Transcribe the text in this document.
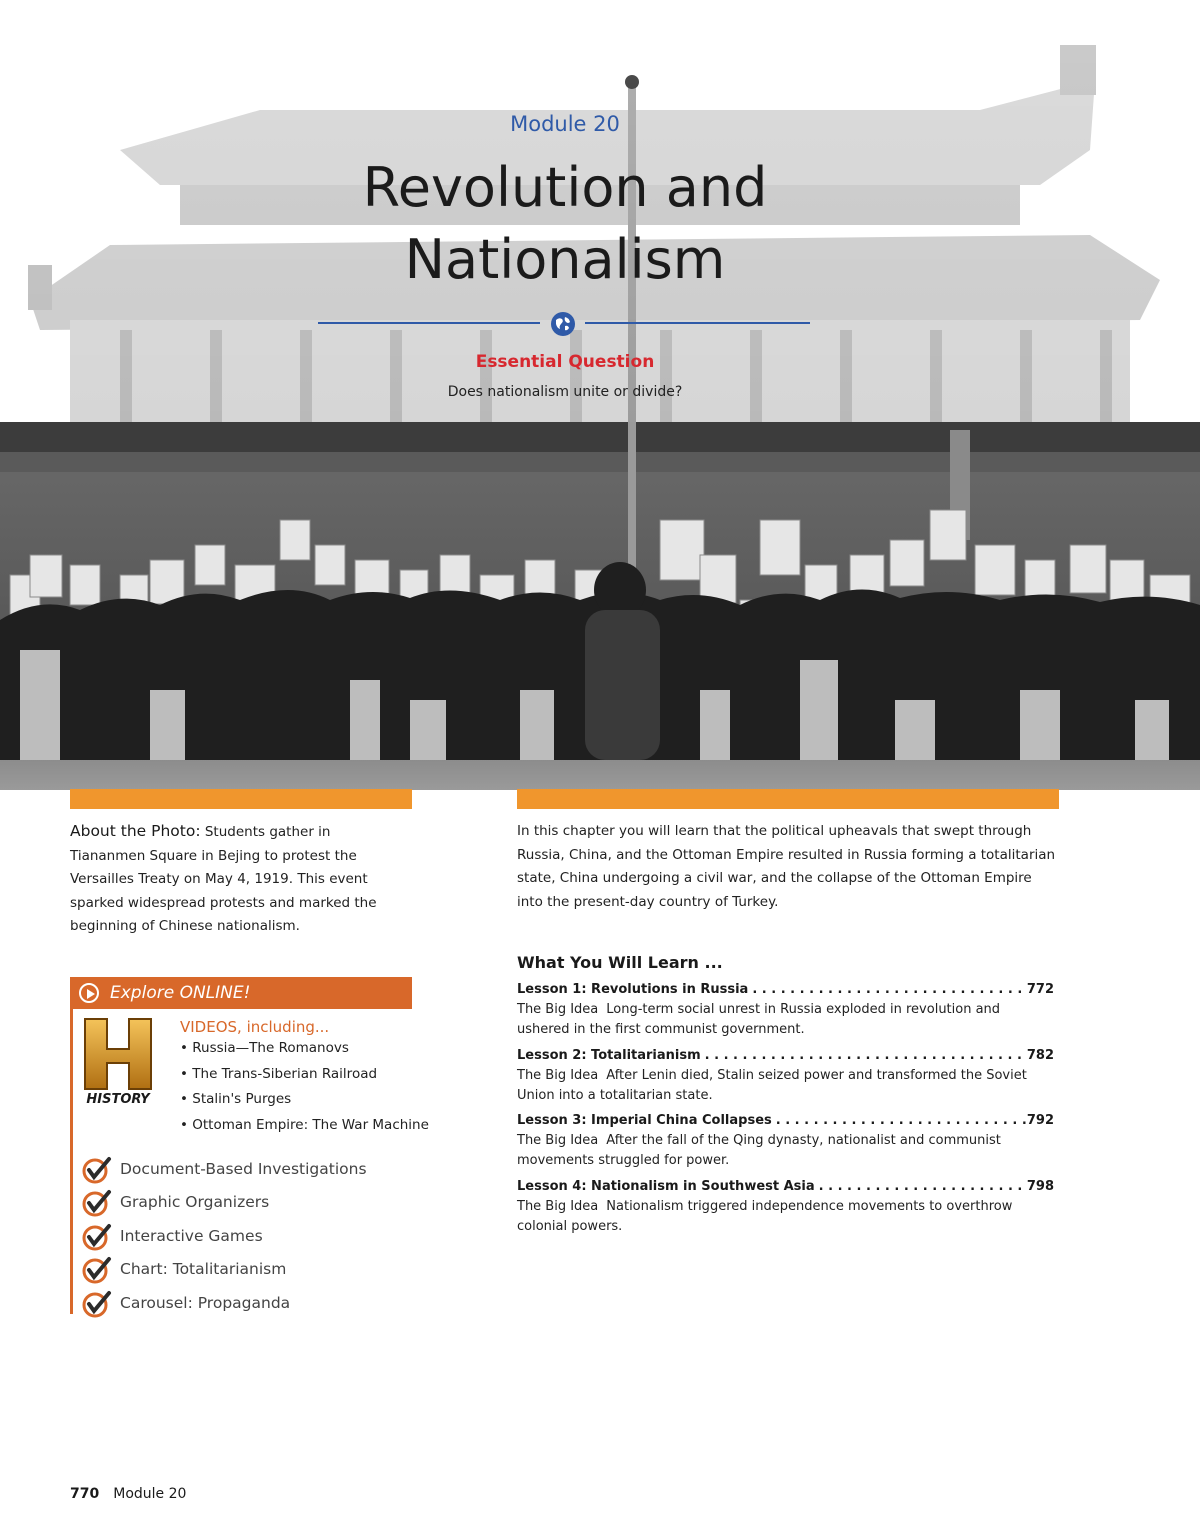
Module 20
Revolution and
Nationalism
Essential Question
Does nationalism unite or divide?

About the Photo: Students gather in Tiananmen Square in Bejing to protest the Versailles Treaty on May 4, 1919. This event sparked widespread protests and marked the beginning of Chinese nationalism.

Explore ONLINE!
HISTORY
VIDEOS, including...
• Russia—The Romanovs
• The Trans-Siberian Railroad
• Stalin's Purges
• Ottoman Empire: The War Machine
Document-Based Investigations
Graphic Organizers
Interactive Games
Chart: Totalitarianism
Carousel: Propaganda

In this chapter you will learn that the political upheavals that swept through Russia, China, and the Ottoman Empire resulted in Russia forming a totalitarian state, China undergoing a civil war, and the collapse of the Ottoman Empire into the present-day country of Turkey.

What You Will Learn ...
Lesson 1: Revolutions in Russia . . .	772
The Big Idea Long-term social unrest in Russia exploded in revolution and ushered in the first communist government.
Lesson 2: Totalitarianism . . .	782
The Big Idea After Lenin died, Stalin seized power and transformed the Soviet Union into a totalitarian state.
Lesson 3: Imperial China Collapses . . .	792
The Big Idea After the fall of the Qing dynasty, nationalist and communist movements struggled for power.
Lesson 4: Nationalism in Southwest Asia . . .	798
The Big Idea Nationalism triggered independence movements to overthrow colonial powers.
770 Module 20
